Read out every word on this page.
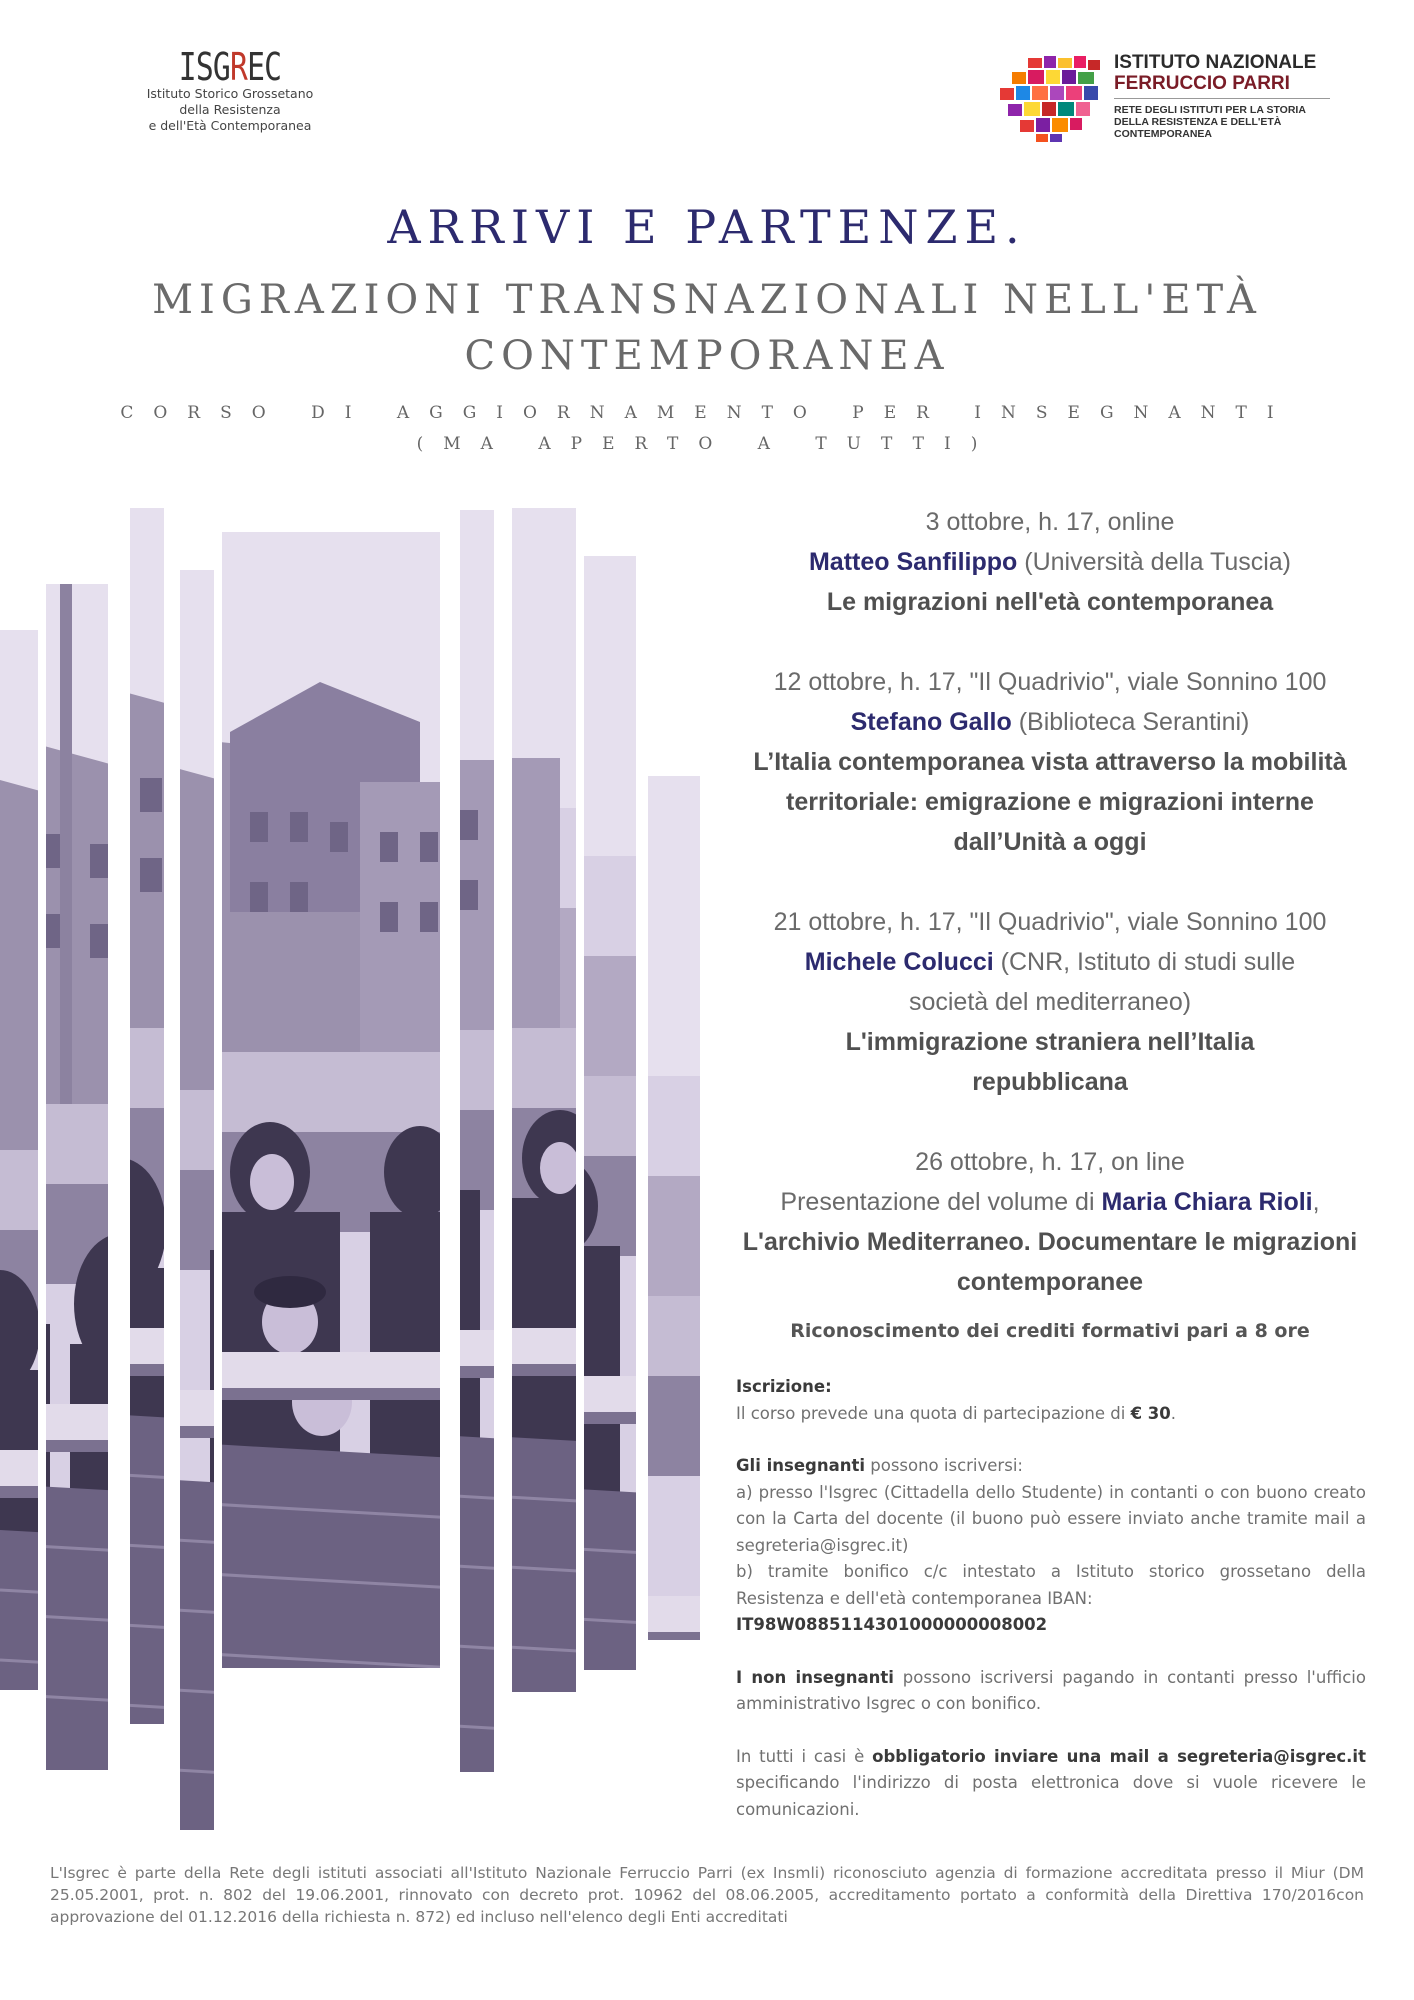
ISGREC
Istituto Storico Grossetano
della Resistenza
e dell'Età Contemporanea
ISTITUTO NAZIONALE
FERRUCCIO PARRI
RETE DEGLI ISTITUTI PER LA STORIA
DELLA RESISTENZA E DELL'ETÀ
CONTEMPORANEA
ARRIVI E PARTENZE.
MIGRAZIONI TRANSNAZIONALI NELL'ETÀ CONTEMPORANEA
CORSO DI AGGIORNAMENTO PER INSEGNANTI
(MA APERTO A TUTTI)
3 ottobre, h. 17, online
Matteo Sanfilippo (Università della Tuscia)
Le migrazioni nell'età contemporanea
12 ottobre, h. 17, "Il Quadrivio", viale Sonnino 100
Stefano Gallo (Biblioteca Serantini)
L’Italia contemporanea vista attraverso la mobilità territoriale: emigrazione e migrazioni interne dall’Unità a oggi
21 ottobre, h. 17, "Il Quadrivio", viale Sonnino 100
Michele Colucci (CNR, Istituto di studi sulle società del mediterraneo)
L'immigrazione straniera nell’Italia repubblicana
26 ottobre, h. 17, on line
Presentazione del volume di Maria Chiara Rioli,
L'archivio Mediterraneo. Documentare le migrazioni contemporanee
Riconoscimento dei crediti formativi pari a 8 ore

Iscrizione:
Il corso prevede una quota di partecipazione di € 30.

Gli insegnanti possono iscriversi:
a) presso l'Isgrec (Cittadella dello Studente) in contanti o con buono creato con la Carta del docente (il buono può essere inviato anche tramite mail a segreteria@isgrec.it)
b) tramite bonifico c/c intestato a Istituto storico grossetano della Resistenza e dell'età contemporanea IBAN:
IT98W0885114301000000008002

I non insegnanti possono iscriversi pagando in contanti presso l'ufficio amministrativo Isgrec o con bonifico.

In tutti i casi è obbligatorio inviare una mail a segreteria@isgrec.it specificando l'indirizzo di posta elettronica dove si vuole ricevere le comunicazioni.

L'Isgrec è parte della Rete degli istituti associati all'Istituto Nazionale Ferruccio Parri (ex Insmli) riconosciuto agenzia di formazione accreditata presso il Miur (DM 25.05.2001, prot. n. 802 del 19.06.2001, rinnovato con decreto prot. 10962 del 08.06.2005, accreditamento portato a conformità della Direttiva 170/2016con approvazione del 01.12.2016 della richiesta n. 872) ed incluso nell'elenco degli Enti accreditati
